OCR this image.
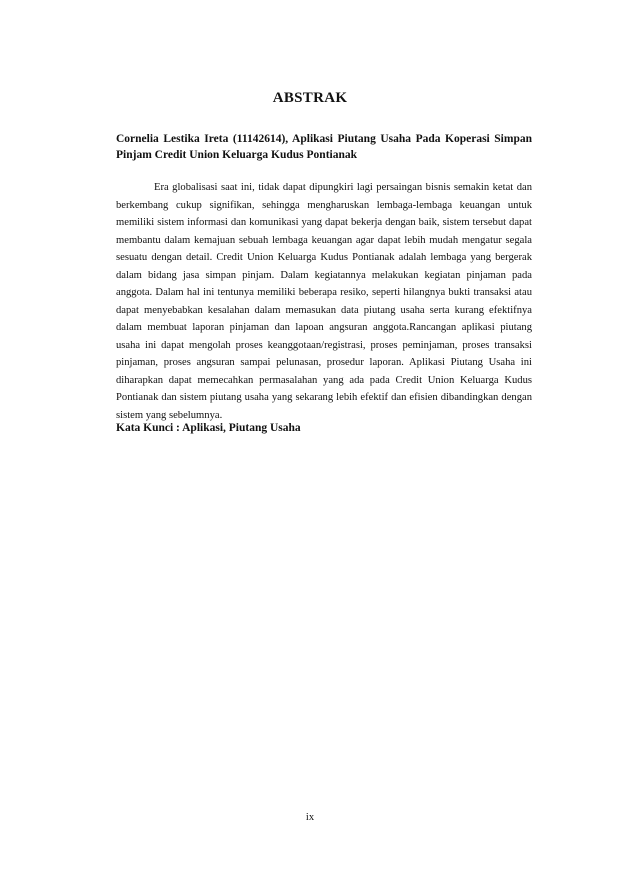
ABSTRAK
Cornelia Lestika Ireta (11142614), Aplikasi Piutang Usaha Pada Koperasi Simpan Pinjam Credit Union Keluarga Kudus Pontianak

Era globalisasi saat ini, tidak dapat dipungkiri lagi persaingan bisnis semakin ketat dan berkembang cukup signifikan, sehingga mengharuskan lembaga-lembaga keuangan untuk memiliki sistem informasi dan komunikasi yang dapat bekerja dengan baik, sistem tersebut dapat membantu dalam kemajuan sebuah lembaga keuangan agar dapat lebih mudah mengatur segala sesuatu dengan detail. Credit Union Keluarga Kudus Pontianak adalah lembaga yang bergerak dalam bidang jasa simpan pinjam. Dalam kegiatannya melakukan kegiatan pinjaman pada anggota. Dalam hal ini tentunya memiliki beberapa resiko, seperti hilangnya bukti transaksi atau dapat menyebabkan kesalahan dalam memasukan data piutang usaha serta kurang efektifnya dalam membuat laporan pinjaman dan lapoan angsuran anggota.Rancangan aplikasi piutang usaha ini dapat mengolah proses keanggotaan/registrasi, proses peminjaman, proses transaksi pinjaman, proses angsuran sampai pelunasan, prosedur laporan. Aplikasi Piutang Usaha ini diharapkan dapat memecahkan permasalahan yang ada pada Credit Union Keluarga Kudus Pontianak dan sistem piutang usaha yang sekarang lebih efektif dan efisien dibandingkan dengan sistem yang sebelumnya.

Kata Kunci : Aplikasi, Piutang Usaha
ix
